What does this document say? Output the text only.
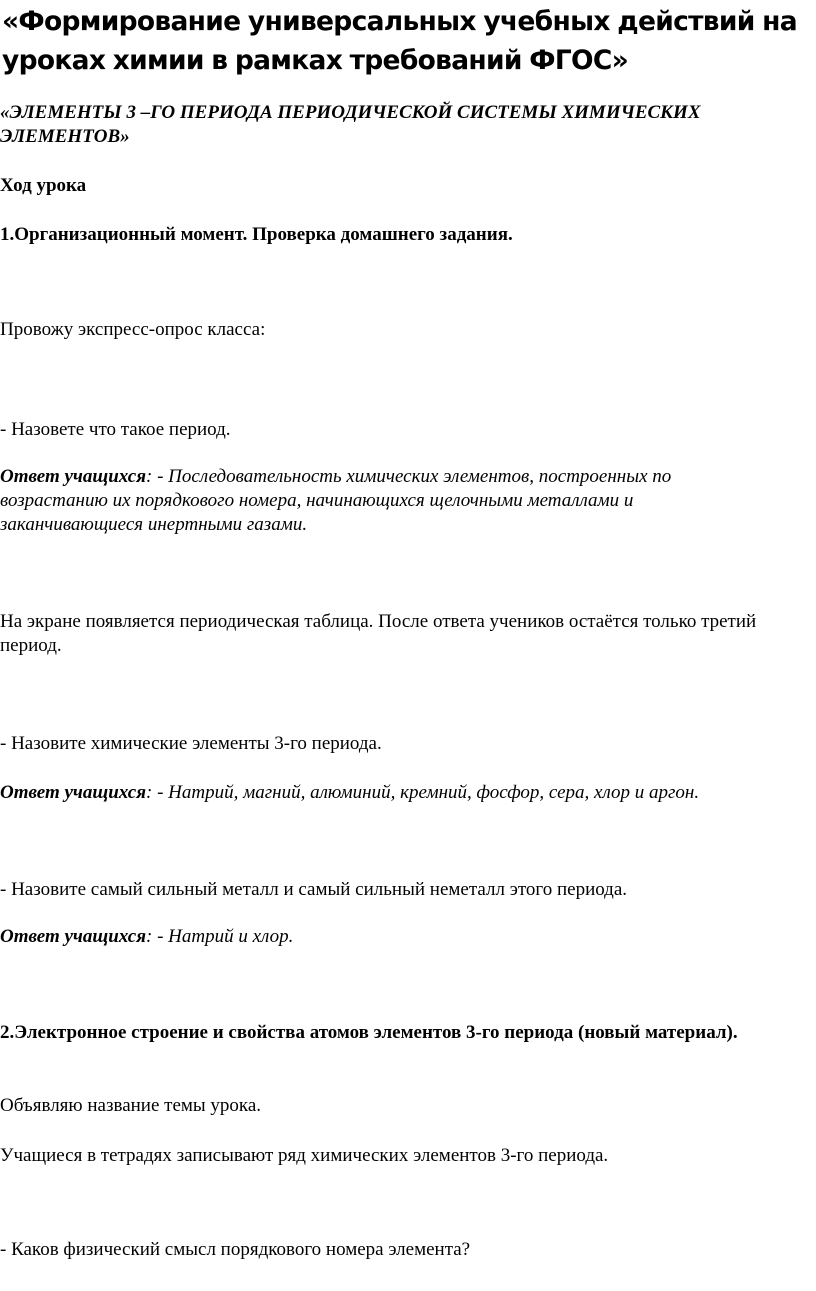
«Формирование универсальных учебных действий на уроках химии в рамках требований ФГОС»

«ЭЛЕМЕНТЫ 3 –ГО ПЕРИОДА ПЕРИОДИЧЕСКОЙ СИСТЕМЫ ХИМИЧЕСКИХ ЭЛЕМЕНТОВ»

Ход урока

1.Организационный момент. Проверка домашнего задания.

Провожу экспресс-опрос класса:

- Назовете что такое период.

Ответ учащихся: - Последовательность химических элементов, построенных по возрастанию их порядкового номера, начинающихся щелочными металлами и заканчивающиеся инертными газами.

На экране появляется периодическая таблица. После ответа учеников остаётся только третий период.

- Назовите химические элементы 3-го периода.

Ответ учащихся: - Натрий, магний, алюминий, кремний, фосфор, сера, хлор и аргон.

- Назовите самый сильный металл и самый сильный неметалл этого периода.

Ответ учащихся: - Натрий и хлор.

2.Электронное строение и свойства атомов элементов 3-го периода (новый материал).

Объявляю название темы урока.

Учащиеся в тетрадях записывают ряд химических элементов 3-го периода.

- Каков физический смысл порядкового номера элемента?
